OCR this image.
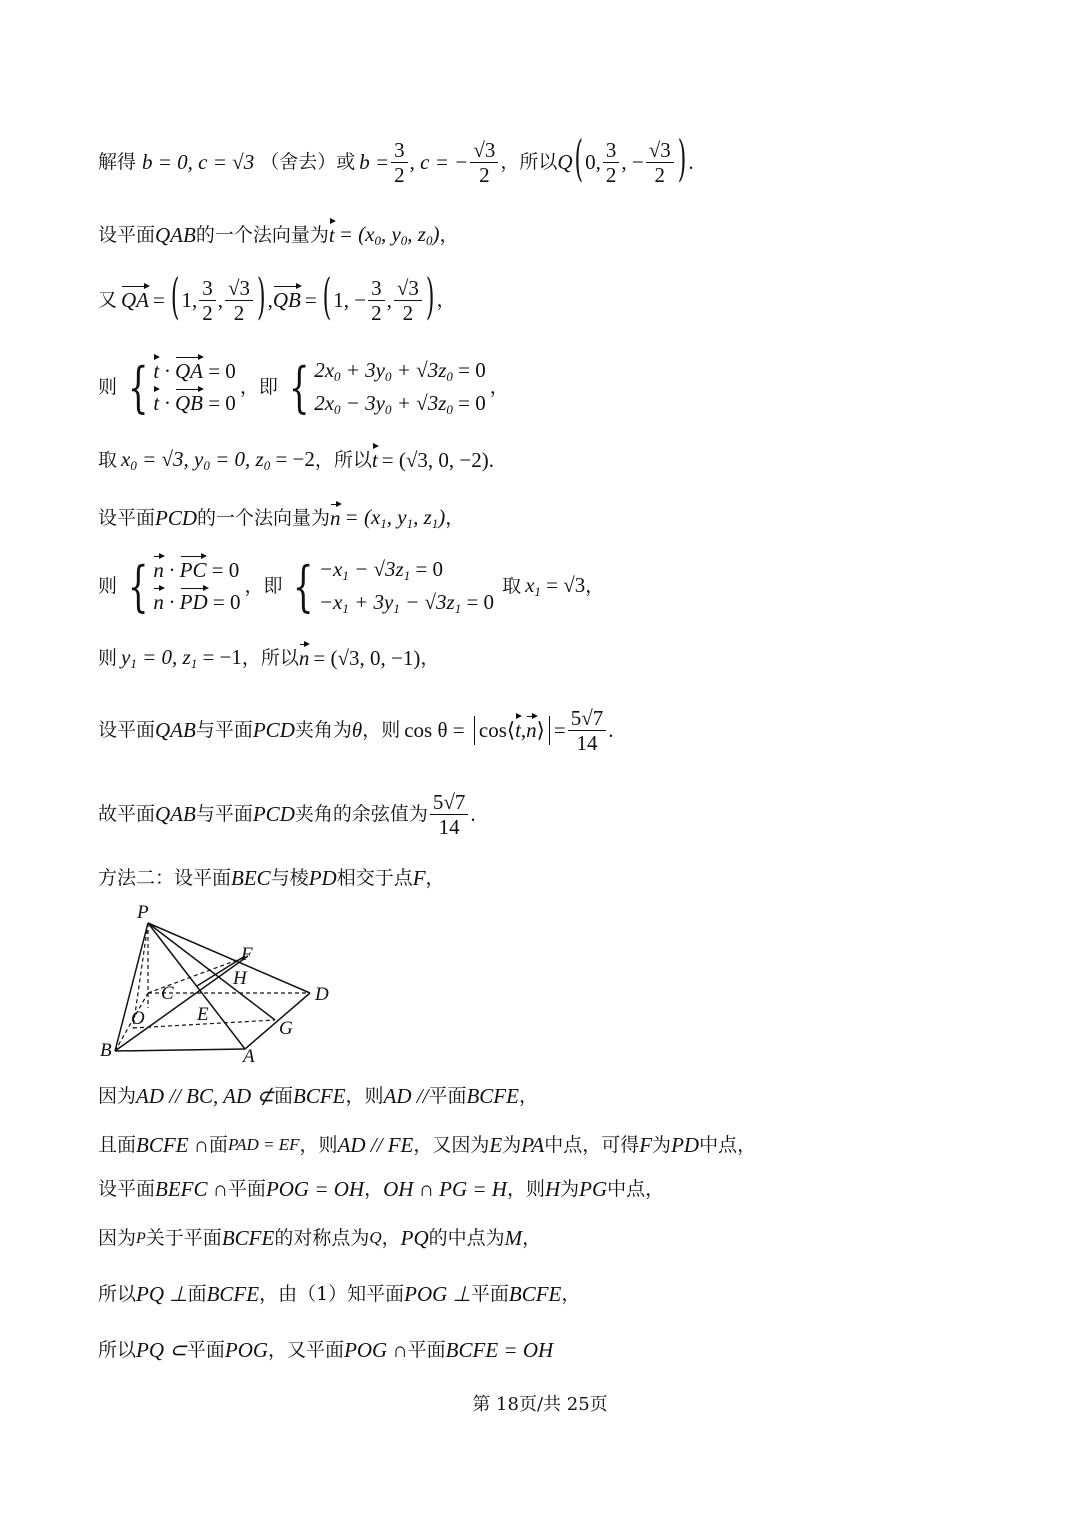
解得 b = 0, c = √3 （舍去）或 $b = \frac{3}{2}$ , c = − $\frac{√3}{2}$ ，所以 Q ( 0, $\frac{3}{2}$ , − $\frac{√3}{2}$ ) .
设平面 QAB 的一个法向量为 $t = (x_0$, $y_0$, $z_0$) ，
又 QA = ( 1, $\frac{3}{2}$ , $\frac{√3}{2}$ ) , QB = ( 1, − $\frac{3}{2}$ , $\frac{√3}{2}$ ) ，
则 { t · QA = 0
t · QB = 0
，即 { $2x_0 + 3y_0 + √3z_0 = 0$
$2x_0 - 3y_0 + √3z_0 = 0$
，
取 $x_0 = √3$, $y_0 = 0$, $z_0 = -2$ ，所以 t = (√3, 0, −2) .
设平面 PCD 的一个法向量为 $n = (x_1$, $y_1$, $z_1$) ，
则 { n · PC = 0
n · PD = 0
，即 { $-x_1 - √3z_1 = 0$
$-x_1 + 3y_1 - √3z_1 = 0$
取 $x_1 = √3$ ，
则 $y_1 = 0$, $z_1 = -1$ ，所以 n = (√3, 0, −1) ，
设平面 QAB 与平面 PCD 夹角为 θ ，则 cos θ = cos⟨t,n⟩ = $\frac{5√7}{14}$ .
故平面 QAB 与平面 PCD 夹角的余弦值为 $\frac{5√7}{14}$ .
方法二：设平面 BEC 与棱 PD 相交于点 F ，
P
F
H
D
C
E
O	G
B	A
因为 AD // BC, AD ⊄ 面 BCFE ，则 AD // 平面 BCFE ，
且面 BCFE ∩ 面 PAD = EF ，则 AD // FE ，又因为 E 为 PA 中点，可得 F 为 PD 中点，
设平面 BEFC ∩ 平面 POG = OH ， OH ∩ PG = H ，则 H 为 PG 中点，
因为 P 关于平面 BCFE 的对称点为 Q ， PQ 的中点为 M ，
所以 PQ ⊥ 面 BCFE ，由（1）知平面 POG ⊥ 平面 BCFE ，
所以 PQ ⊂ 平面 POG ，又平面 POG ∩ 平面 BCFE = OH
第 18页/共 25页
